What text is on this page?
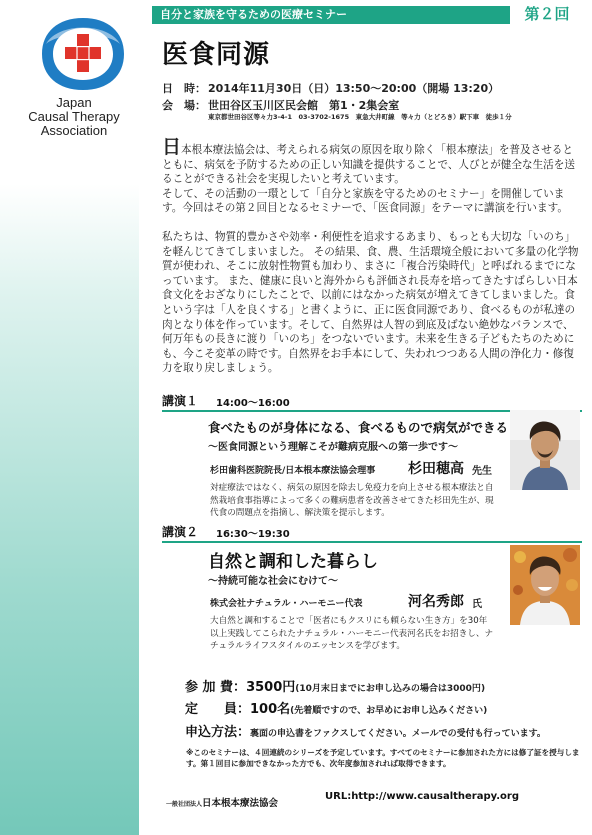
Japan
Causal Therapy
Association
自分と家族を守るための医療セミナー	第２回
医食同源
日　時： 2014年11月30日（日）13:50～20:00（開場 13:20）
会　場： 世田谷区玉川区民会館　第1・2集会室
東京都世田谷区等々力3-4-1　03-3702-1675　東急大井町線　等々力（とどろき）駅下車　徒歩１分

日本根本療法協会は、考えられる病気の原因を取り除く「根本療法」を普及させるとともに、病気を予防するための正しい知識を提供することで、人びとが健全な生活を送ることができる社会を実現したいと考えています。

そして、その活動の一環として「自分と家族を守るためのセミナー」を開催しています。今回はその第２回目となるセミナーで、「医食同源」をテーマに講演を行います。

私たちは、物質的豊かさや効率・利便性を追求するあまり、もっとも大切な「いのち」を軽んじてきてしまいました。 その結果、食、農、生活環境全般において多量の化学物質が使われ、そこに放射性物質も加わり、まさに「複合汚染時代」と呼ばれるまでになっています。 また、健康に良いと海外からも評価され長寿を培ってきたすばらしい日本食文化をおざなりにしたことで、以前にはなかった病気が増えてきてしまいました。食という字は「人を良くする」と書くように、正に医食同源であり、食べるものが私達の肉となり体を作っています。そして、自然界は人智の到底及ばない絶妙なバランスで、何万年もの長きに渡り「いのち」をつないでいます。未来を生きる子どもたちのためにも、今こそ変革の時です。自然界をお手本にして、失われつつある人間の浄化力・修復力を取り戻しましょう。

講演１ 14:00～16:00
食べたものが身体になる、食べるもので病気ができる
～医食同源という理解こそが難病克服への第一歩です～
杉田歯科医院院長/日本根本療法協会理事 杉田穂高 先生
対症療法ではなく、病気の原因を除去し免疫力を向上させる根本療法と自然栽培食事指導によって多くの難病患者を改善させてきた杉田先生が、現代食の問題点を指摘し、解決策を提示します。
講演２ 16:30～19:30
自然と調和した暮らし
～持続可能な社会にむけて～
株式会社ナチュラル・ハーモニー代表	河名秀郎 氏
大自然と調和することで「医者にもクスリにも頼らない生き方」を30年以上実践してこられたナチュラル・ハーモニー代表河名氏をお招きし、ナチュラルライフスタイルのエッセンスを学びます。
参 加 費：3500円(10月末日までにお申し込みの場合は3000円)
定　　員：100名(先着順ですので、お早めにお申し込みください)
申込方法：裏面の申込書をファクスしてください。メールでの受付も行っています。
※このセミナーは、４回連続のシリーズを予定しています。すべてのセミナーに参加された方には修了証を授与します。第１回目に参加できなかった方でも、次年度参加されれば取得できます。
一般社団法人日本根本療法協会
URL:http://www.causaltherapy.org
